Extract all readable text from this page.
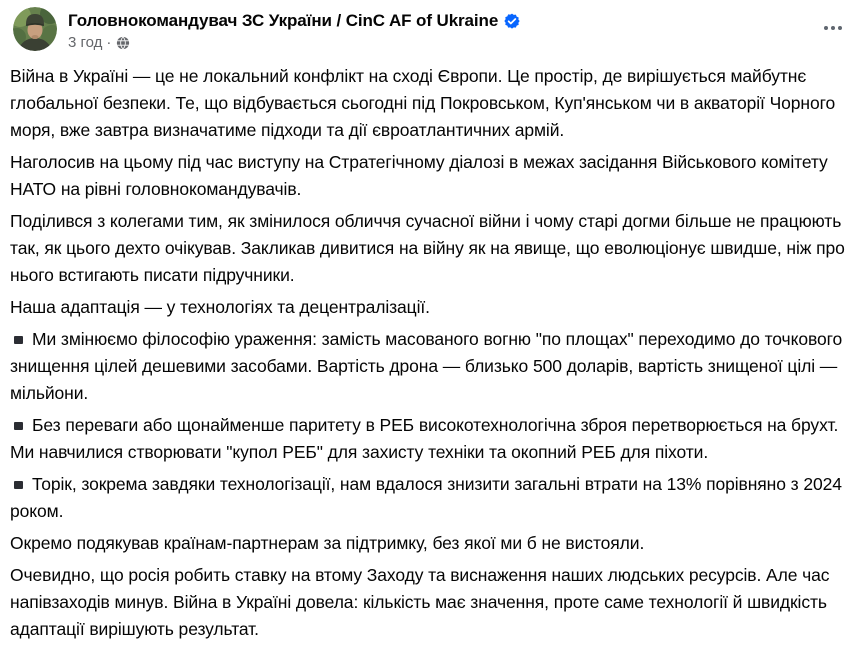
Головнокомандувач ЗС України / CinC AF of Ukraine
3 год ·

Війна в Україні — це не локальний конфлікт на сході Європи. Це простір, де вирішується майбутнє глобальної безпеки. Те, що відбувається сьогодні під Покровськом, Куп'янськом чи в акваторії Чорного моря, вже завтра визначатиме підходи та дії євроатлантичних армій.

Наголосив на цьому під час виступу на Стратегічному діалозі в межах засідання Військового комітету НАТО на рівні головнокомандувачів.

Поділився з колегами тим, як змінилося обличчя сучасної війни і чому старі догми більше не працюють так, як цього дехто очікував. Закликав дивитися на війну як на явище, що еволюціонує швидше, ніж про нього встигають писати підручники.

Наша адаптація — у технологіях та децентралізації.

Ми змінюємо філософію ураження: замість масованого вогню "по площах" переходимо до точкового знищення цілей дешевими засобами. Вартість дрона — близько 500 доларів, вартість знищеної цілі — мільйони.

Без переваги або щонайменше паритету в РЕБ високотехнологічна зброя перетворюється на брухт. Ми навчилися створювати "купол РЕБ" для захисту техніки та окопний РЕБ для піхоти.

Торік, зокрема завдяки технологізації, нам вдалося знизити загальні втрати на 13% порівняно з 2024 роком.

Окремо подякував країнам-партнерам за підтримку, без якої ми б не вистояли.

Очевидно, що росія робить ставку на втому Заходу та виснаження наших людських ресурсів. Але час напівзаходів минув. Війна в Україні довела: кількість має значення, проте саме технології й швидкість адаптації вирішують результат.
